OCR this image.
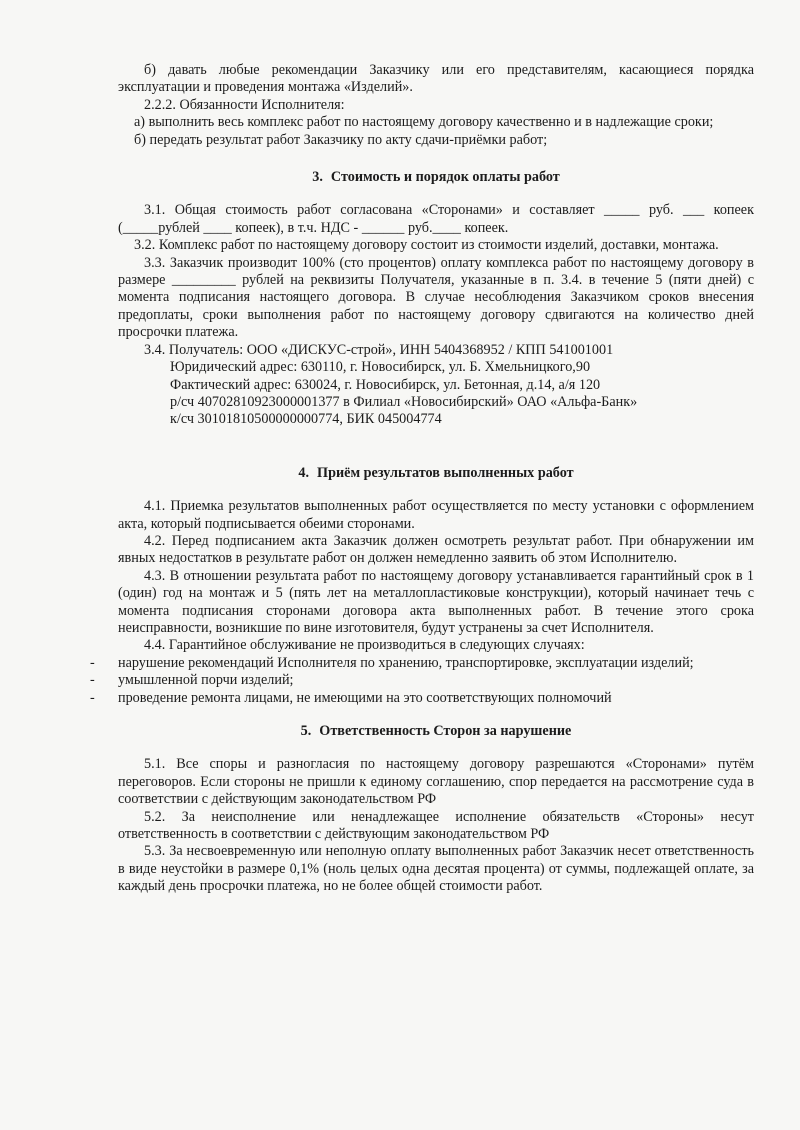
б) давать любые рекомендации Заказчику или его представителям, касающиеся порядка эксплуатации и проведения монтажа «Изделий».

2.2.2. Обязанности Исполнителя:

а) выполнить весь комплекс работ по настоящему договору качественно и в надлежащие сроки;

б) передать результат работ Заказчику по акту сдачи-приёмки работ;

3. Стоимость и порядок оплаты работ

3.1. Общая стоимость работ согласована «Сторонами» и составляет _____ руб. ___ копеек (_____рублей ____ копеек), в т.ч. НДС - ______ руб.____ копеек.

3.2. Комплекс работ по настоящему договору состоит из стоимости изделий, доставки, монтажа.

3.3. Заказчик производит 100% (сто процентов) оплату комплекса работ по настоящему договору в размере _________ рублей на реквизиты Получателя, указанные в п. 3.4. в течение 5 (пяти дней) с момента подписания настоящего договора. В случае несоблюдения Заказчиком сроков внесения предоплаты, сроки выполнения работ по настоящему договору сдвигаются на количество дней просрочки платежа.

3.4. Получатель: ООО «ДИСКУС-строй», ИНН 5404368952 / КПП 541001001

Юридический адрес: 630110, г. Новосибирск, ул. Б. Хмельницкого,90

Фактический адрес: 630024, г. Новосибирск, ул. Бетонная, д.14, а/я 120

р/сч 40702810923000001377 в Филиал «Новосибирский» ОАО «Альфа-Банк»

к/сч 30101810500000000774, БИК 045004774

4. Приём результатов выполненных работ

4.1. Приемка результатов выполненных работ осуществляется по месту установки с оформлением акта, который подписывается обеими сторонами.

4.2. Перед подписанием акта Заказчик должен осмотреть результат работ. При обнаружении им явных недостатков в результате работ он должен немедленно заявить об этом Исполнителю.

4.3. В отношении результата работ по настоящему договору устанавливается гарантийный срок в 1 (один) год на монтаж и 5 (пять лет на металлопластиковые конструкции), который начинает течь с момента подписания сторонами договора акта выполненных работ. В течение этого срока неисправности, возникшие по вине изготовителя, будут устранены за счет Исполнителя.

4.4. Гарантийное обслуживание не производиться в следующих случаях:

- нарушение рекомендаций Исполнителя по хранению, транспортировке, эксплуатации изделий;

- умышленной порчи изделий;

- проведение ремонта лицами, не имеющими на это соответствующих полномочий

5. Ответственность Сторон за нарушение

5.1. Все споры и разногласия по настоящему договору разрешаются «Сторонами» путём переговоров. Если стороны не пришли к единому соглашению, спор передается на рассмотрение суда в соответствии с действующим законодательством РФ

5.2. За неисполнение или ненадлежащее исполнение обязательств «Стороны» несут ответственность в соответствии с действующим законодательством РФ

5.3. За несвоевременную или неполную оплату выполненных работ Заказчик несет ответственность в виде неустойки в размере 0,1% (ноль целых одна десятая процента) от суммы, подлежащей оплате, за каждый день просрочки платежа, но не более общей стоимости работ.
